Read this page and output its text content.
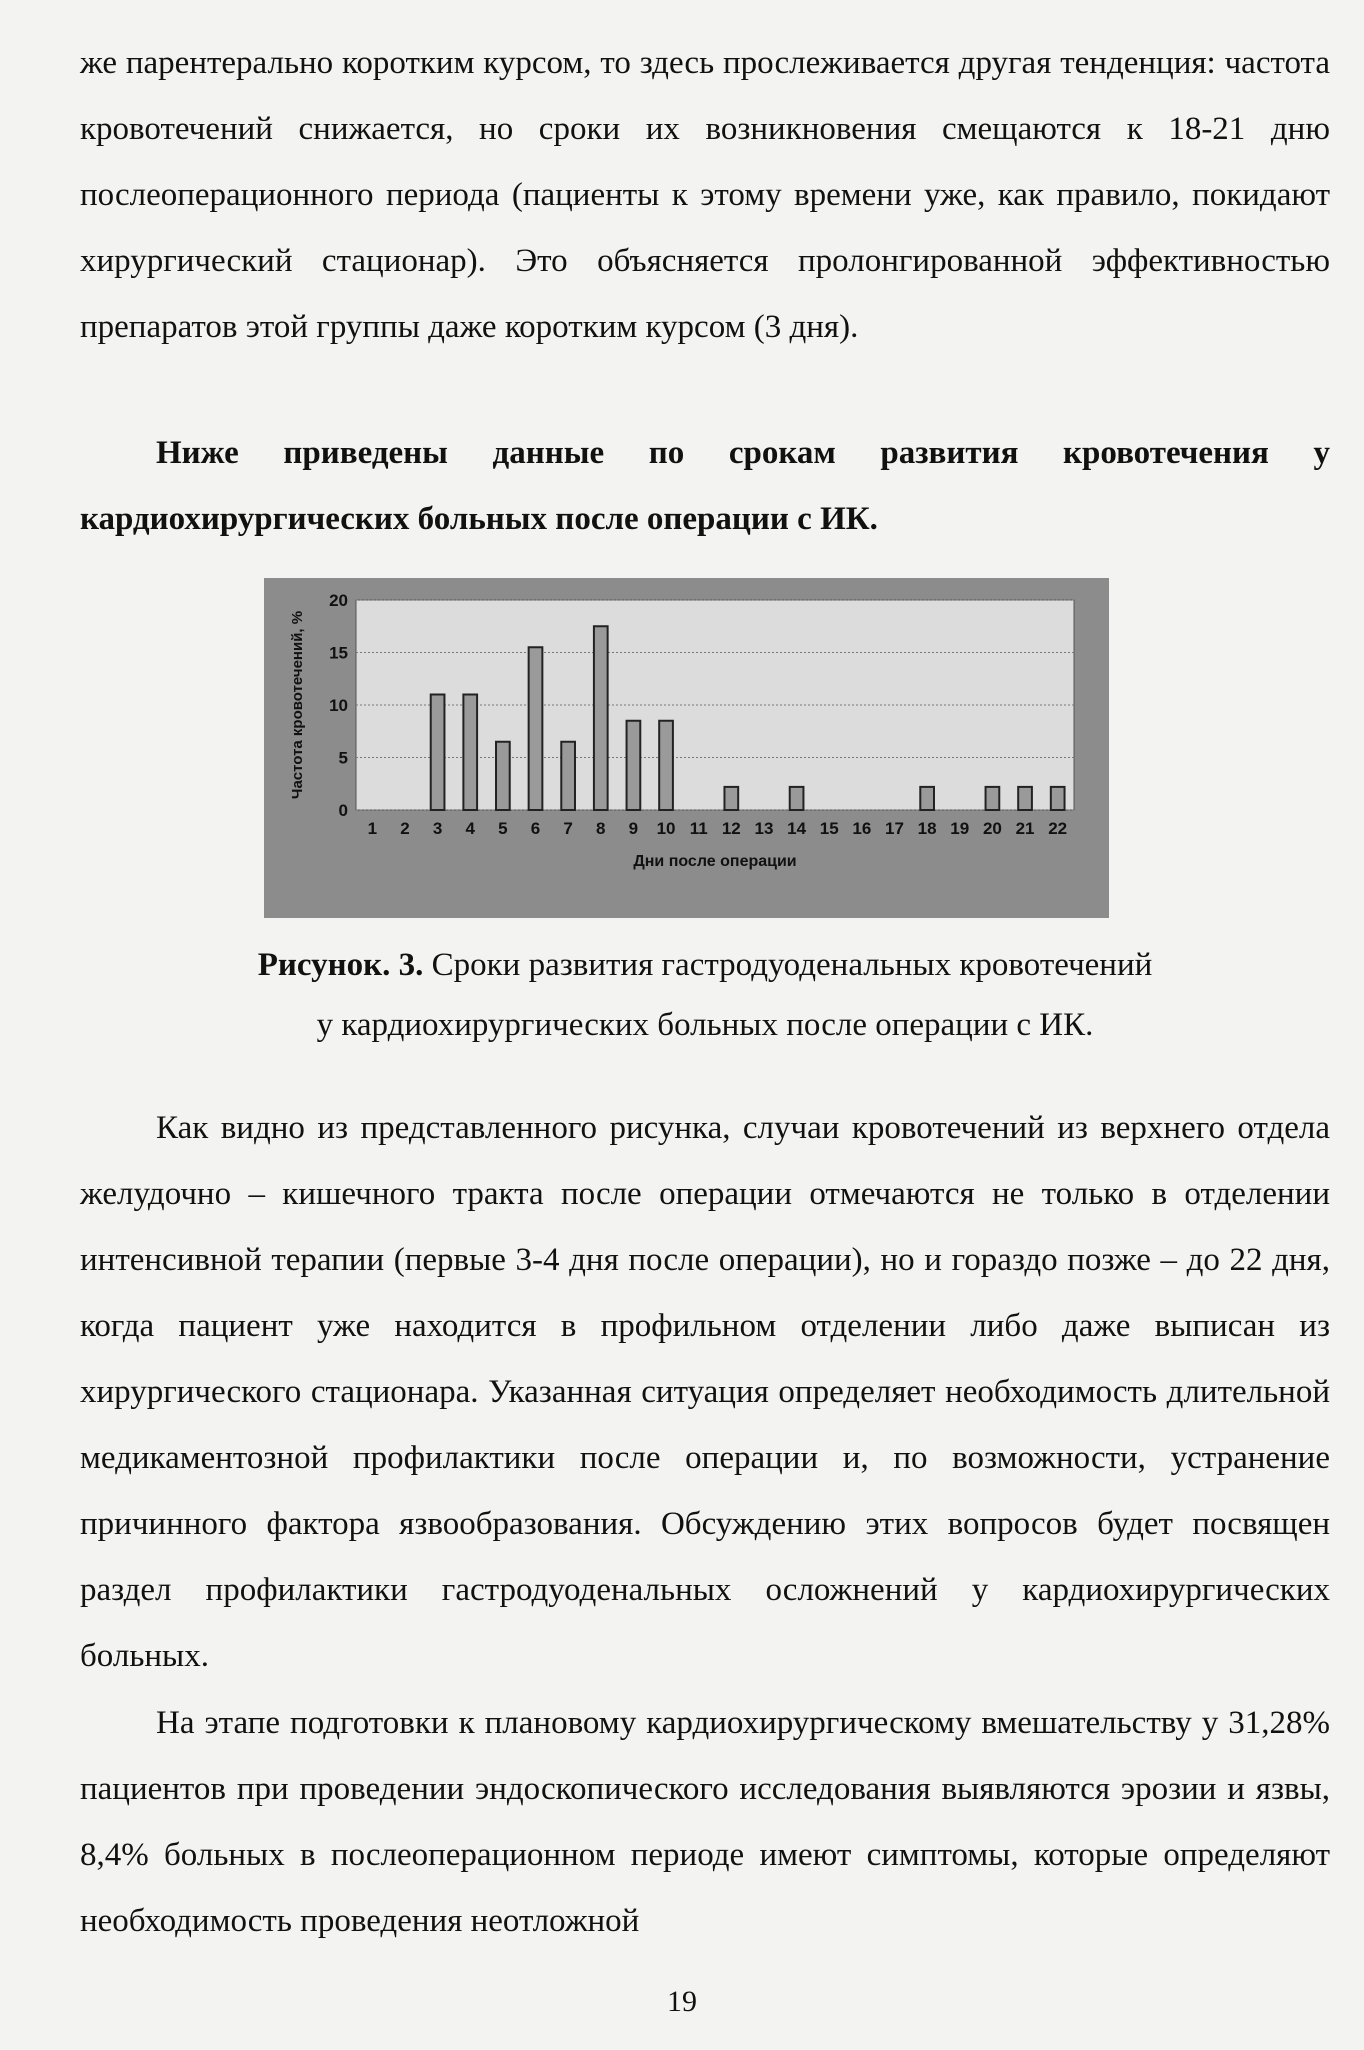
же парентерально коротким курсом, то здесь прослеживается другая тенденция: частота кровотечений снижается, но сроки их возникновения смещаются к 18-21 дню послеоперационного периода (пациенты к этому времени уже, как правило, покидают хирургический стационар). Это объясняется пролонгированной эффективностью препаратов этой группы даже коротким курсом (3 дня).

Ниже приведены данные по срокам развития кровотечения у кардиохирургических больных после операции с ИК.

0
5
10
15
20
1 2 3 4 5 6 7 8 9 10 11 12 13 14 15 16 17 18 19 20 21 22
Дни после операции
Частота кровотечений, %
Рисунок. 3. Сроки развития гастродуоденальных кровотечений
у кардиохирургических больных после операции с ИК.

Как видно из представленного рисунка, случаи кровотечений из верхнего отдела желудочно – кишечного тракта после операции отмечаются не только в отделении интенсивной терапии (первые 3-4 дня после операции), но и гораздо позже – до 22 дня, когда пациент уже находится в профильном отделении либо даже выписан из хирургического стационара. Указанная ситуация определяет необходимость длительной медикаментозной профилактики после операции и, по возможности, устранение причинного фактора язвообразования. Обсуждению этих вопросов будет посвящен раздел профилактики гастродуоденальных осложнений у кардиохирургических больных.

На этапе подготовки к плановому кардиохирургическому вмешательству у 31,28% пациентов при проведении эндоскопического исследования выявляются эрозии и язвы, 8,4% больных в послеоперационном периоде имеют симптомы, которые определяют необходимость проведения неотложной

19
